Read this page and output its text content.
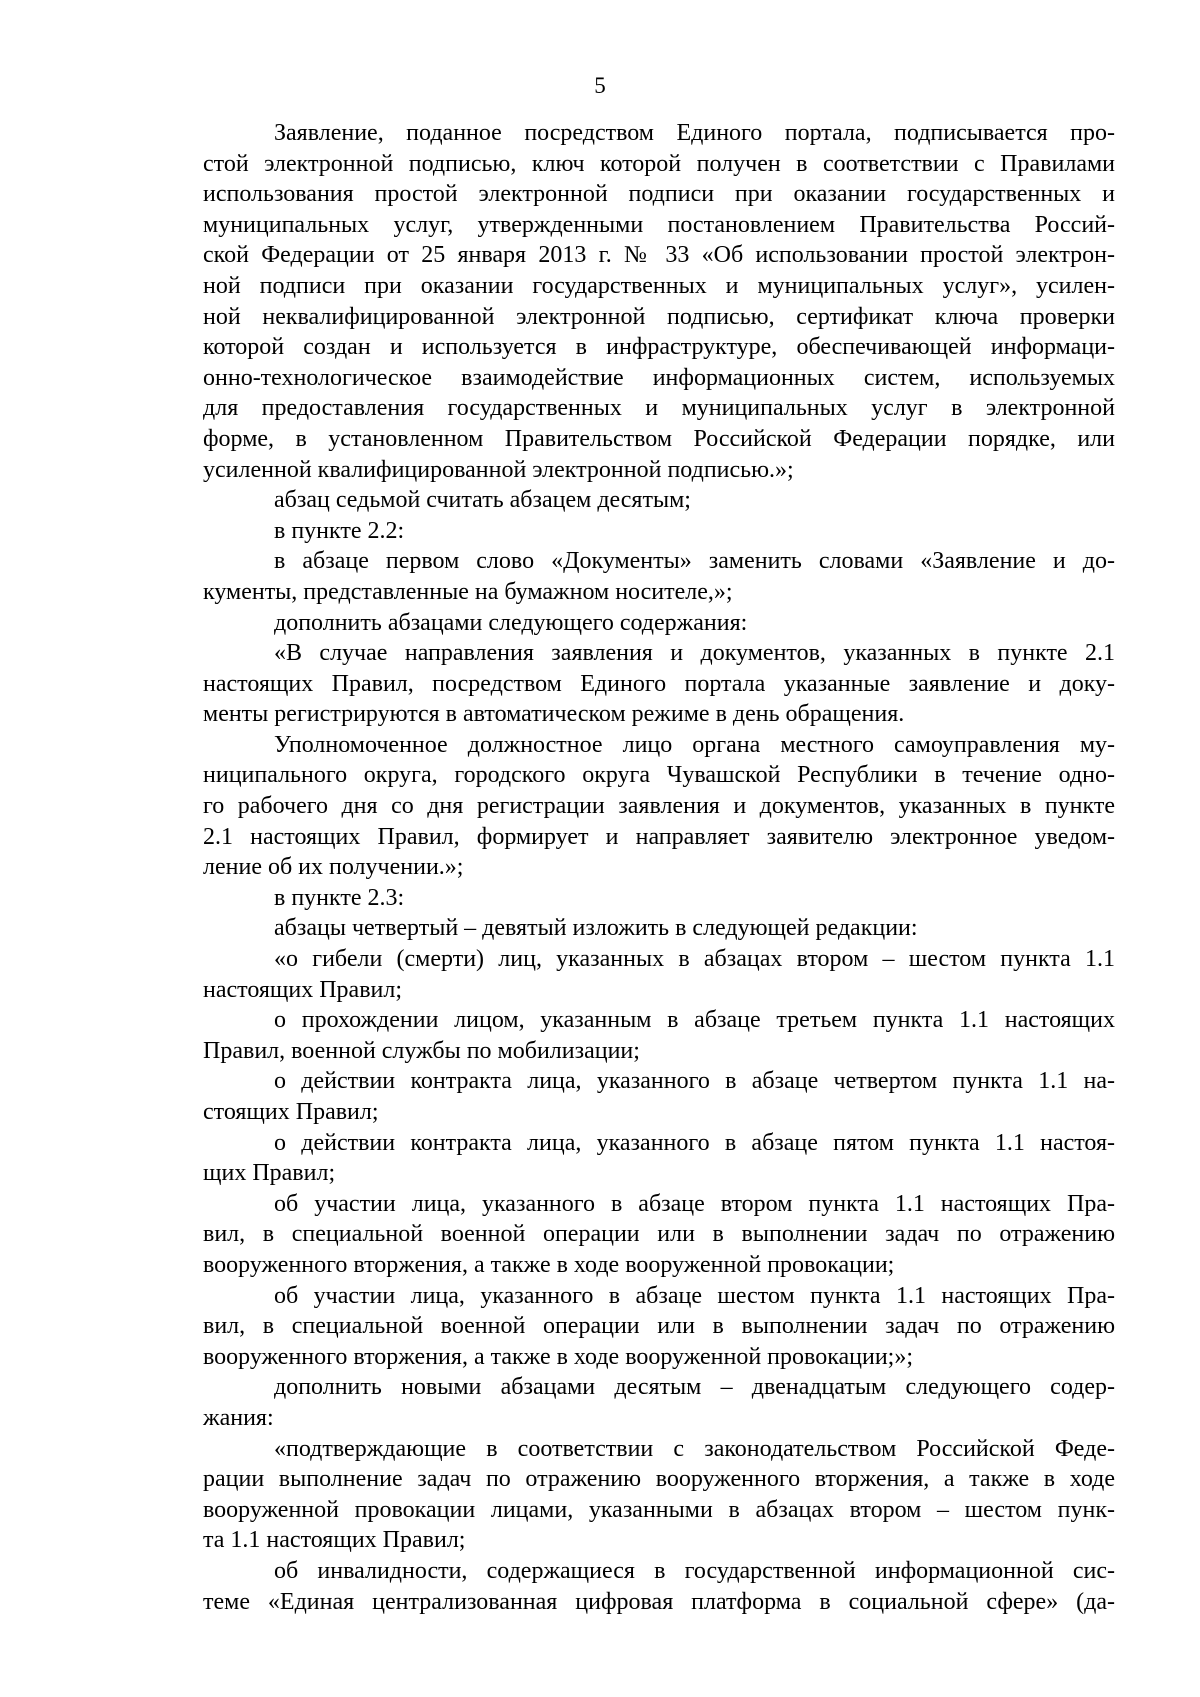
5
Заявление, поданное посредством Единого портала, подписывается про-
стой электронной подписью, ключ которой получен в соответствии с Правилами
использования простой электронной подписи при оказании государственных и
муниципальных услуг, утвержденными постановлением Правительства Россий-
ской Федерации от 25 января 2013 г. № 33 «Об использовании простой электрон-
ной подписи при оказании государственных и муниципальных услуг», усилен-
ной неквалифицированной электронной подписью, сертификат ключа проверки
которой создан и используется в инфраструктуре, обеспечивающей информаци-
онно-технологическое взаимодействие информационных систем, используемых
для предоставления государственных и муниципальных услуг в электронной
форме, в установленном Правительством Российской Федерации порядке, или
усиленной квалифицированной электронной подписью.»;
абзац седьмой считать абзацем десятым;
в пункте 2.2:
в абзаце первом слово «Документы» заменить словами «Заявление и до-
кументы, представленные на бумажном носителе,»;
дополнить абзацами следующего содержания:
«В случае направления заявления и документов, указанных в пункте 2.1
настоящих Правил, посредством Единого портала указанные заявление и доку-
менты регистрируются в автоматическом режиме в день обращения.
Уполномоченное должностное лицо органа местного самоуправления му-
ниципального округа, городского округа Чувашской Республики в течение одно-
го рабочего дня со дня регистрации заявления и документов, указанных в пункте
2.1 настоящих Правил, формирует и направляет заявителю электронное уведом-
ление об их получении.»;
в пункте 2.3:
абзацы четвертый – девятый изложить в следующей редакции:
«о гибели (смерти) лиц, указанных в абзацах втором – шестом пункта 1.1
настоящих Правил;
о прохождении лицом, указанным в абзаце третьем пункта 1.1 настоящих
Правил, военной службы по мобилизации;
о действии контракта лица, указанного в абзаце четвертом пункта 1.1 на-
стоящих Правил;
о действии контракта лица, указанного в абзаце пятом пункта 1.1 настоя-
щих Правил;
об участии лица, указанного в абзаце втором пункта 1.1 настоящих Пра-
вил, в специальной военной операции или в выполнении задач по отражению
вооруженного вторжения, а также в ходе вооруженной провокации;
об участии лица, указанного в абзаце шестом пункта 1.1 настоящих Пра-
вил, в специальной военной операции или в выполнении задач по отражению
вооруженного вторжения, а также в ходе вооруженной провокации;»;
дополнить новыми абзацами десятым – двенадцатым следующего содер-
жания:
«подтверждающие в соответствии с законодательством Российской Феде-
рации выполнение задач по отражению вооруженного вторжения, а также в ходе
вооруженной провокации лицами, указанными в абзацах втором – шестом пунк-
та 1.1 настоящих Правил;
об инвалидности, содержащиеся в государственной информационной сис-
теме «Единая централизованная цифровая платформа в социальной сфере» (да-
